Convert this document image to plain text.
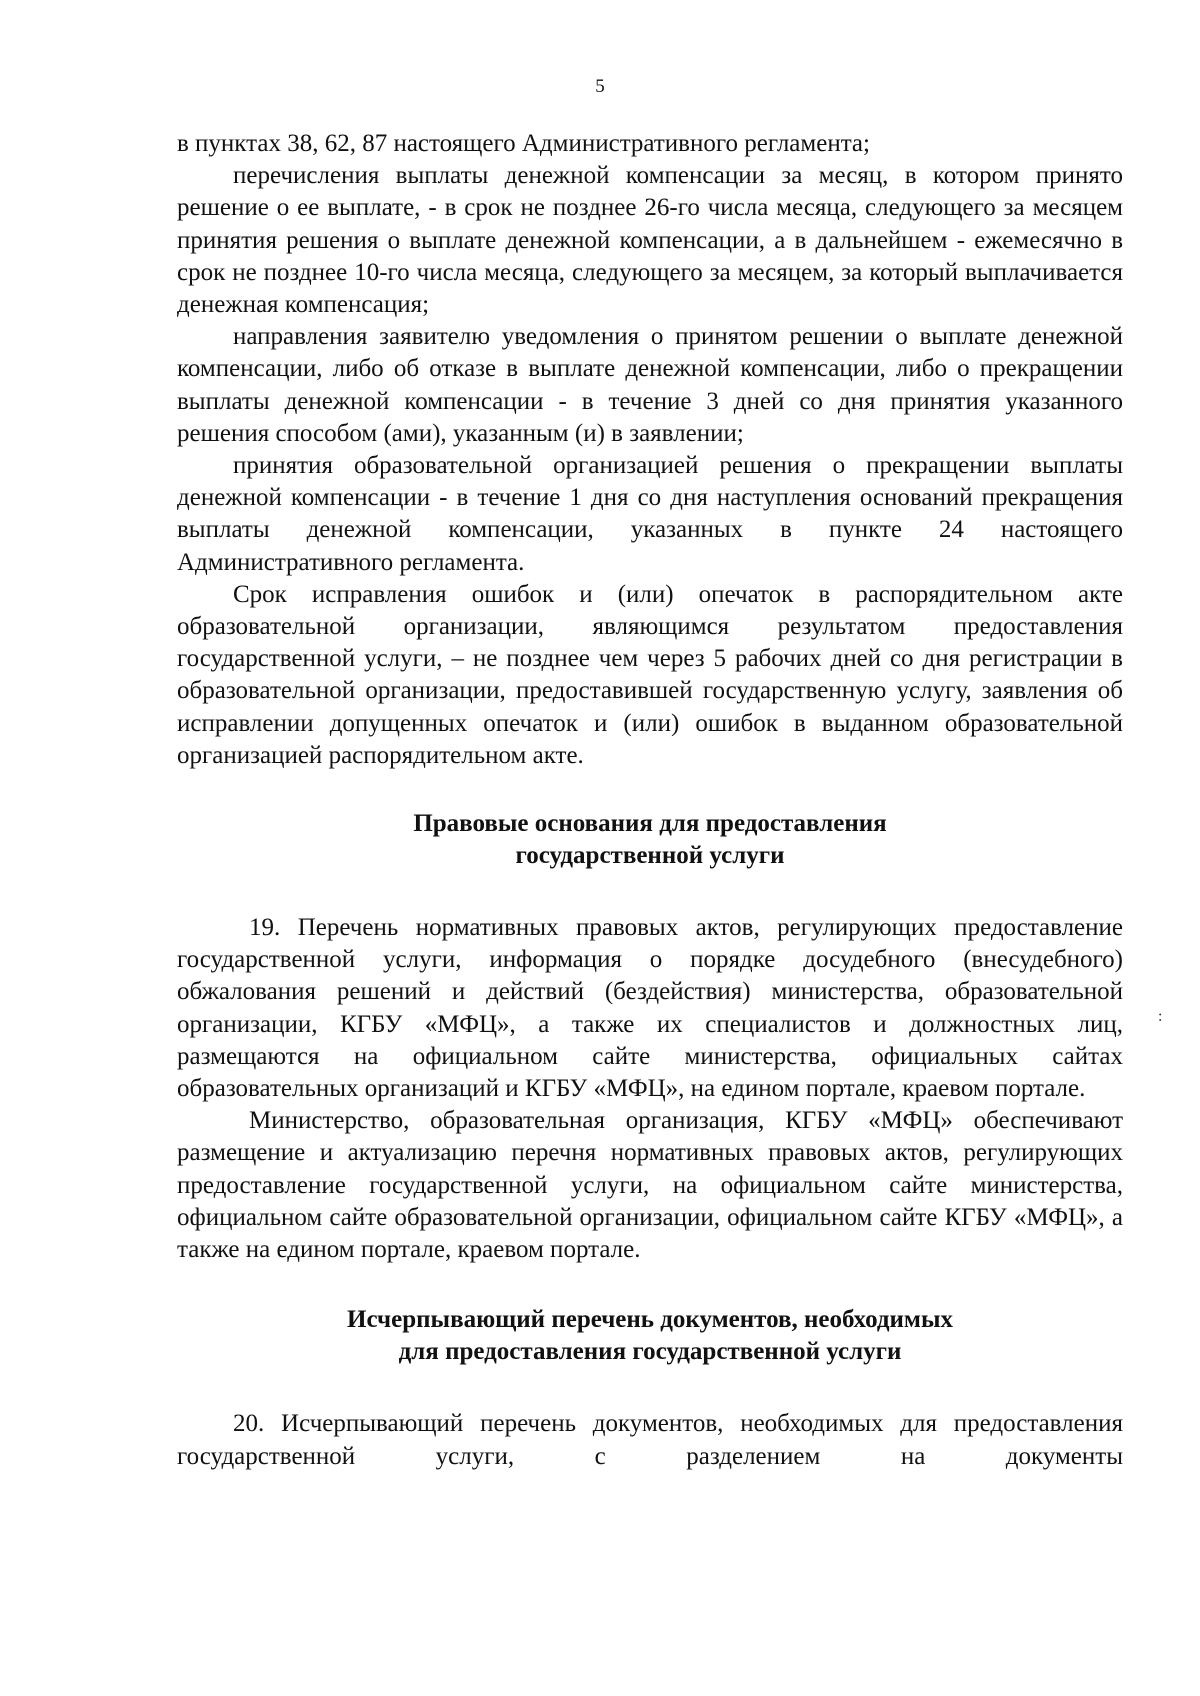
5
:

в пунктах 38, 62, 87 настоящего Административного регламента;

перечисления выплаты денежной компенсации за месяц, в котором принято решение о ее выплате, - в срок не позднее 26-го числа месяца, следующего за месяцем принятия решения о выплате денежной компенсации, а в дальнейшем - ежемесячно в срок не позднее 10-го числа месяца, следующего за месяцем, за который выплачивается денежная компенсация;

направления заявителю уведомления о принятом решении о выплате денежной компенсации, либо об отказе в выплате денежной компенсации, либо о прекращении выплаты денежной компенсации - в течение 3 дней со дня принятия указанного решения способом (ами), указанным (и) в заявлении;

принятия образовательной организацией решения о прекращении выплаты денежной компенсации - в течение 1 дня со дня наступления оснований прекращения выплаты денежной компенсации, указанных в пункте 24 настоящего Административного регламента.

Срок исправления ошибок и (или) опечаток в распорядительном акте образовательной организации, являющимся результатом предоставления государственной услуги, – не позднее чем через 5 рабочих дней со дня регистрации в образовательной организации, предоставившей государственную услугу, заявления об исправлении допущенных опечаток и (или) ошибок в выданном образовательной организацией распорядительном акте.

Правовые основания для предоставления
государственной услуги

19. Перечень нормативных правовых актов, регулирующих предоставление государственной услуги, информация о порядке досудебного (внесудебного) обжалования решений и действий (бездействия) министерства, образовательной организации, КГБУ «МФЦ», а также их специалистов и должностных лиц, размещаются на официальном сайте министерства, официальных сайтах образовательных организаций и КГБУ «МФЦ», на едином портале, краевом портале.

Министерство, образовательная организация, КГБУ «МФЦ» обеспечивают размещение и актуализацию перечня нормативных правовых актов, регулирующих предоставление государственной услуги, на официальном сайте министерства, официальном сайте образовательной организации, официальном сайте КГБУ «МФЦ», а также на едином портале, краевом портале.

Исчерпывающий перечень документов, необходимых
для предоставления государственной услуги

20. Исчерпывающий перечень документов, необходимых для предоставления государственной услуги, с разделением на документы
